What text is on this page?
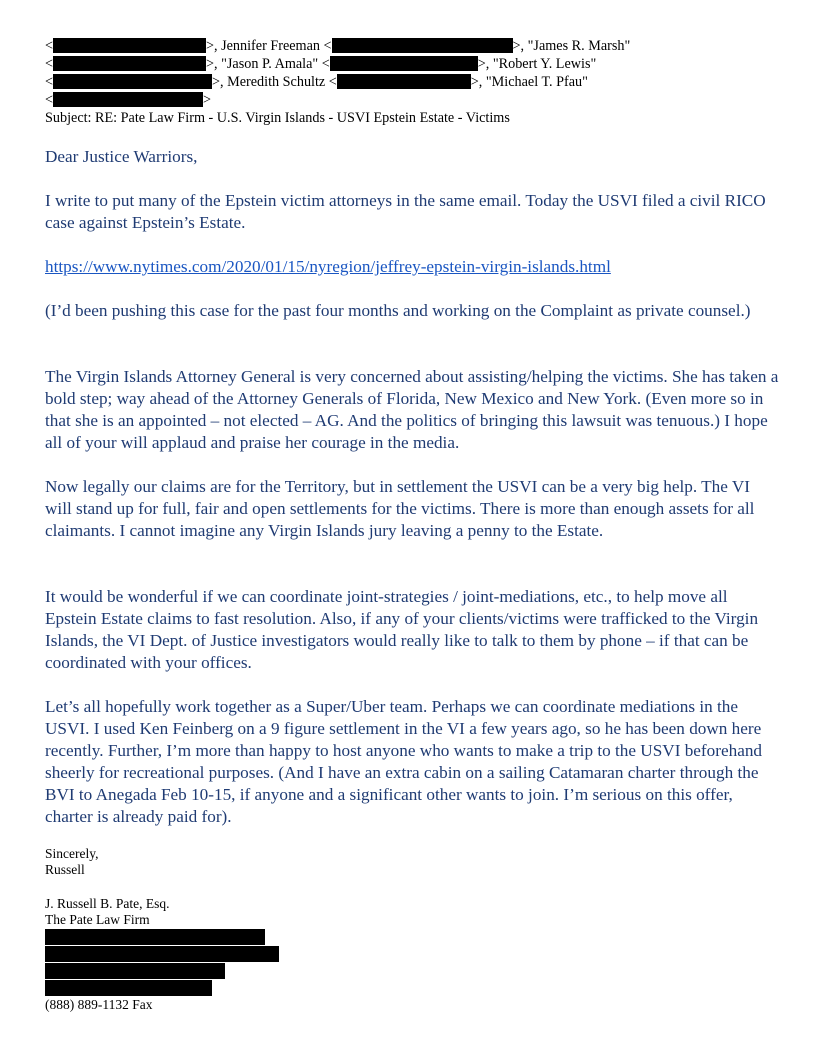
<	>, Jennifer Freeman <	>, "James R. Marsh"
<	>, "Jason P. Amala" <	>, "Robert Y. Lewis"
<	>, Meredith Schultz <	>, "Michael T. Pfau"
<	>
Subject: RE: Pate Law Firm - U.S. Virgin Islands - USVI Epstein Estate - Victims
Dear Justice Warriors,
I write to put many of the Epstein victim attorneys in the same email. Today the USVI filed a civil RICO case against Epstein’s Estate.
https://www.nytimes.com/2020/01/15/nyregion/jeffrey-epstein-virgin-islands.html
(I’d been pushing this case for the past four months and working on the Complaint as private counsel.)
The Virgin Islands Attorney General is very concerned about assisting/helping the victims. She has taken a bold step; way ahead of the Attorney Generals of Florida, New Mexico and New York. (Even more so in that she is an appointed – not elected – AG. And the politics of bringing this lawsuit was tenuous.) I hope all of your will applaud and praise her courage in the media.
Now legally our claims are for the Territory, but in settlement the USVI can be a very big help. The VI will stand up for full, fair and open settlements for the victims. There is more than enough assets for all claimants. I cannot imagine any Virgin Islands jury leaving a penny to the Estate.
It would be wonderful if we can coordinate joint-strategies / joint-mediations, etc., to help move all Epstein Estate claims to fast resolution. Also, if any of your clients/victims were trafficked to the Virgin Islands, the VI Dept. of Justice investigators would really like to talk to them by phone – if that can be coordinated with your offices.
Let’s all hopefully work together as a Super/Uber team. Perhaps we can coordinate mediations in the USVI. I used Ken Feinberg on a 9 figure settlement in the VI a few years ago, so he has been down here recently. Further, I’m more than happy to host anyone who wants to make a trip to the USVI beforehand sheerly for recreational purposes. (And I have an extra cabin on a sailing Catamaran charter through the BVI to Anegada Feb 10-15, if anyone and a significant other wants to join. I’m serious on this offer, charter is already paid for).
Sincerely,
Russell
J. Russell B. Pate, Esq.
The Pate Law Firm
(888) 889-1132 Fax
